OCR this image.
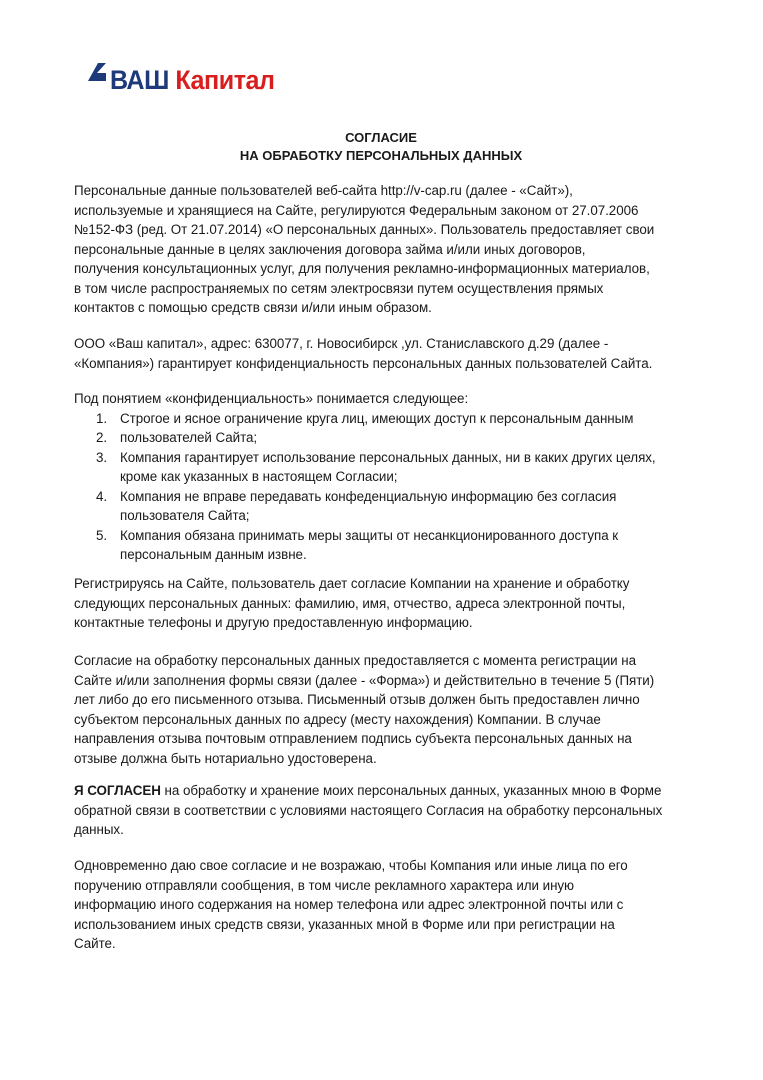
ВАШ Капитал
СОГЛАСИЕ
НА ОБРАБОТКУ ПЕРСОНАЛЬНЫХ ДАННЫХ
Персональные данные пользователей веб-сайта http://v-cap.ru (далее - «Сайт»),
используемые и хранящиеся на Сайте, регулируются Федеральным законом от 27.07.2006
№152-ФЗ (ред. От 21.07.2014) «О персональных данных». Пользователь предоставляет свои
персональные данные в целях заключения договора займа и/или иных договоров,
получения консультационных услуг, для получения рекламно-информационных материалов,
в том числе распространяемых по сетям электросвязи путем осуществления прямых
контактов с помощью средств связи и/или иным образом.
ООО «Ваш капитал», адрес: 630077, г. Новосибирск ,ул. Станиславского д.29 (далее -
«Компания») гарантирует конфиденциальность персональных данных пользователей Сайта.
Под понятием «конфиденциальность» понимается следующее:
1. Строгое и ясное ограничение круга лиц, имеющих доступ к персональным данным
2. пользователей Сайта;
3. Компания гарантирует использование персональных данных, ни в каких других целях,
кроме как указанных в настоящем Согласии;
4. Компания не вправе передавать конфеденциальную информацию без согласия
пользователя Сайта;
5. Компания обязана принимать меры защиты от несанкционированного доступа к
персональным данным извне.
Регистрируясь на Сайте, пользователь дает согласие Компании на хранение и обработку
следующих персональных данных: фамилию, имя, отчество, адреса электронной почты,
контактные телефоны и другую предоставленную информацию.
Согласие на обработку персональных данных предоставляется с момента регистрации на
Сайте и/или заполнения формы связи (далее - «Форма») и действительно в течение 5 (Пяти)
лет либо до его письменного отзыва. Письменный отзыв должен быть предоставлен лично
субъектом персональных данных по адресу (месту нахождения) Компании. В случае
направления отзыва почтовым отправлением подпись субъекта персональных данных на
отзыве должна быть нотариально удостоверена.
Я СОГЛАСЕН на обработку и хранение моих персональных данных, указанных мною в Форме
обратной связи в соответствии с условиями настоящего Согласия на обработку персональных
данных.
Одновременно даю свое согласие и не возражаю, чтобы Компания или иные лица по его
поручению отправляли сообщения, в том числе рекламного характера или иную
информацию иного содержания на номер телефона или адрес электронной почты или с
использованием иных средств связи, указанных мной в Форме или при регистрации на
Сайте.
